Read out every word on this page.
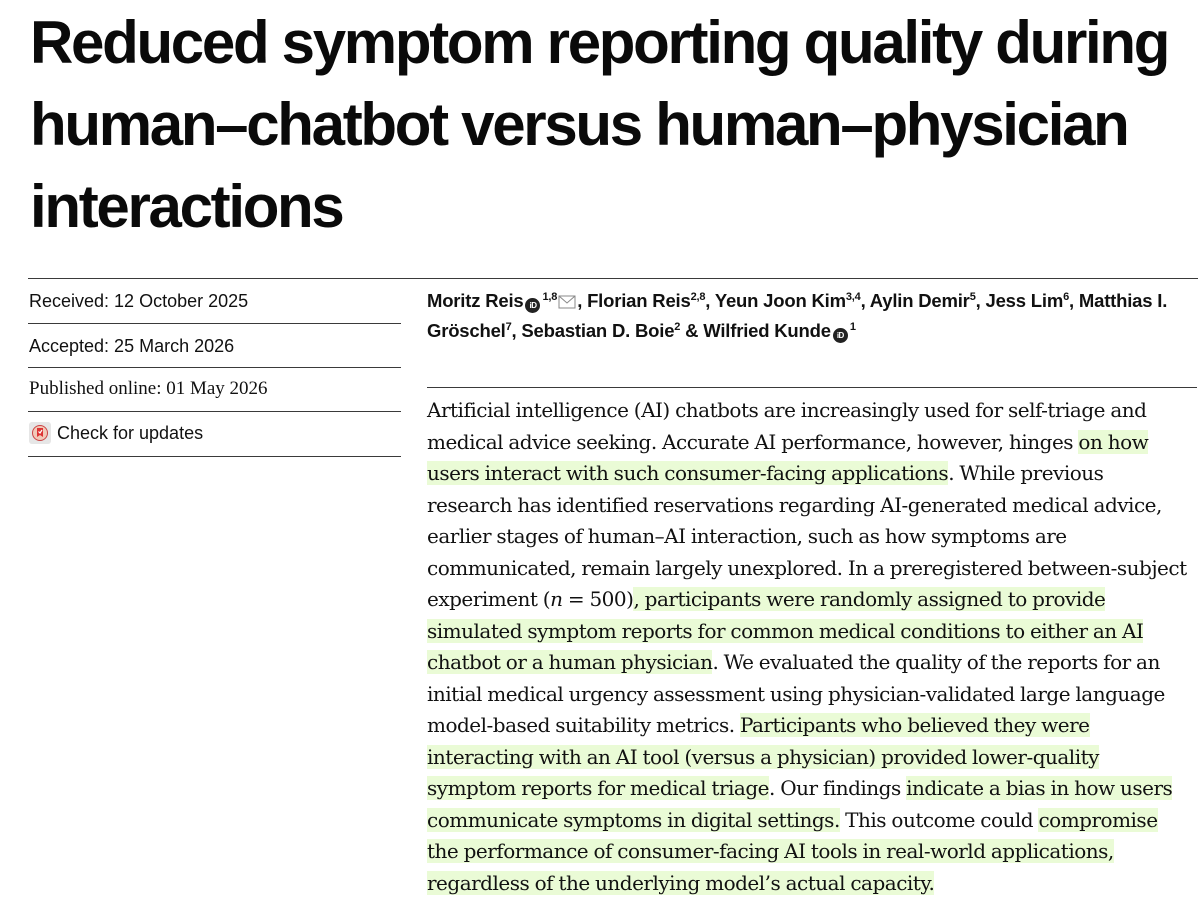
Reduced symptom reporting quality during human–chatbot versus human–physician interactions
Received: 12 October 2025
Accepted: 25 March 2026
Published online: 01 May 2026
Check for updates
Moritz Reis iD$^{1,8}$ , Florian Reis$^{2,8}$, Yeun Joon Kim$^{3,4}$, Aylin Demir$^5$, Jess Lim$^6$, Matthias I. Gröschel$^7$, Sebastian D. Boie$^2$ & Wilfried Kunde $iD^1$

Artificial intelligence (AI) chatbots are increasingly used for self-triage and medical advice seeking. Accurate AI performance, however, hinges on how users interact with such consumer-facing applications. While previous research has identified reservations regarding AI-generated medical advice, earlier stages of human–AI interaction, such as how symptoms are communicated, remain largely unexplored. In a preregistered between-subject experiment (n = 500), participants were randomly assigned to provide simulated symptom reports for common medical conditions to either an AI chatbot or a human physician. We evaluated the quality of the reports for an initial medical urgency assessment using physician-validated large language model-based suitability metrics. Participants who believed they were interacting with an AI tool (versus a physician) provided lower-quality symptom reports for medical triage. Our findings indicate a bias in how users communicate symptoms in digital settings. This outcome could compromise the performance of consumer-facing AI tools in real-world applications, regardless of the underlying model’s actual capacity.
